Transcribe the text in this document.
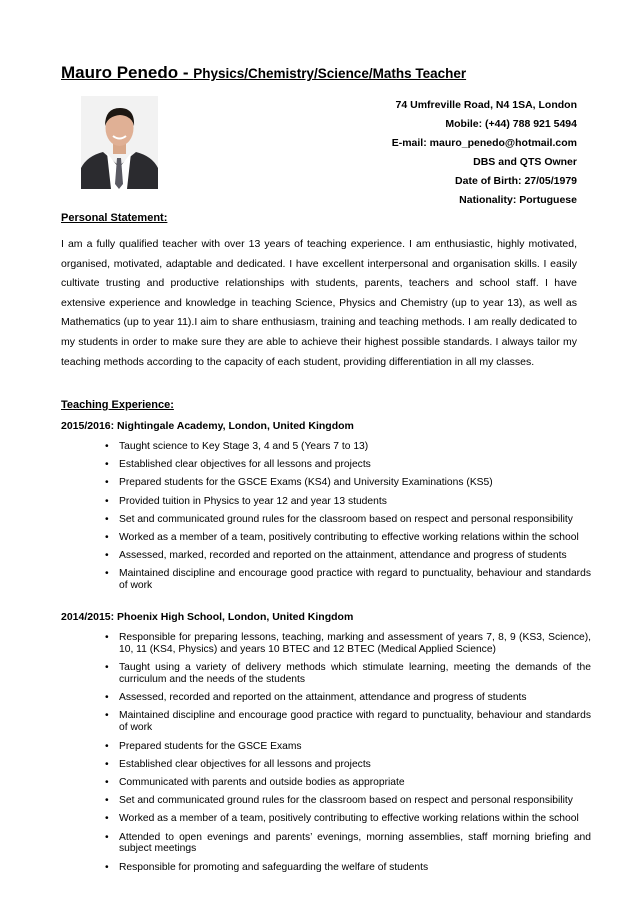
Mauro Penedo - Physics/Chemistry/Science/Maths Teacher
74 Umfreville Road, N4 1SA, London
Mobile: (+44) 788 921 5494
E-mail: mauro_penedo@hotmail.com
DBS and QTS Owner
Date of Birth: 27/05/1979
Nationality: Portuguese
Personal Statement:
I am a fully qualified teacher with over 13 years of teaching experience. I am enthusiastic, highly motivated, organised, motivated, adaptable and dedicated. I have excellent interpersonal and organisation skills. I easily cultivate trusting and productive relationships with students, parents, teachers and school staff. I have extensive experience and knowledge in teaching Science, Physics and Chemistry (up to year 13), as well as Mathematics (up to year 11).I aim to share enthusiasm, training and teaching methods. I am really dedicated to my students in order to make sure they are able to achieve their highest possible standards. I always tailor my teaching methods according to the capacity of each student, providing differentiation in all my classes.
Teaching Experience:
2015/2016: Nightingale Academy, London, United Kingdom
• Taught science to Key Stage 3, 4 and 5 (Years 7 to 13)
• Established clear objectives for all lessons and projects
• Prepared students for the GSCE Exams (KS4) and University Examinations (KS5)
• Provided tuition in Physics to year 12 and year 13 students
• Set and communicated ground rules for the classroom based on respect and personal responsibility
• Worked as a member of a team, positively contributing to effective working relations within the school
• Assessed, marked, recorded and reported on the attainment, attendance and progress of students
• Maintained discipline and encourage good practice with regard to punctuality, behaviour and standards of work
2014/2015: Phoenix High School, London, United Kingdom
• Responsible for preparing lessons, teaching, marking and assessment of years 7, 8, 9 (KS3, Science), 10, 11 (KS4, Physics) and years 10 BTEC and 12 BTEC (Medical Applied Science)
• Taught using a variety of delivery methods which stimulate learning, meeting the demands of the curriculum and the needs of the students
• Assessed, recorded and reported on the attainment, attendance and progress of students
• Maintained discipline and encourage good practice with regard to punctuality, behaviour and standards of work
• Prepared students for the GSCE Exams
• Established clear objectives for all lessons and projects
• Communicated with parents and outside bodies as appropriate
• Set and communicated ground rules for the classroom based on respect and personal responsibility
• Worked as a member of a team, positively contributing to effective working relations within the school
• Attended to open evenings and parents’ evenings, morning assemblies, staff morning briefing and subject meetings
• Responsible for promoting and safeguarding the welfare of students
